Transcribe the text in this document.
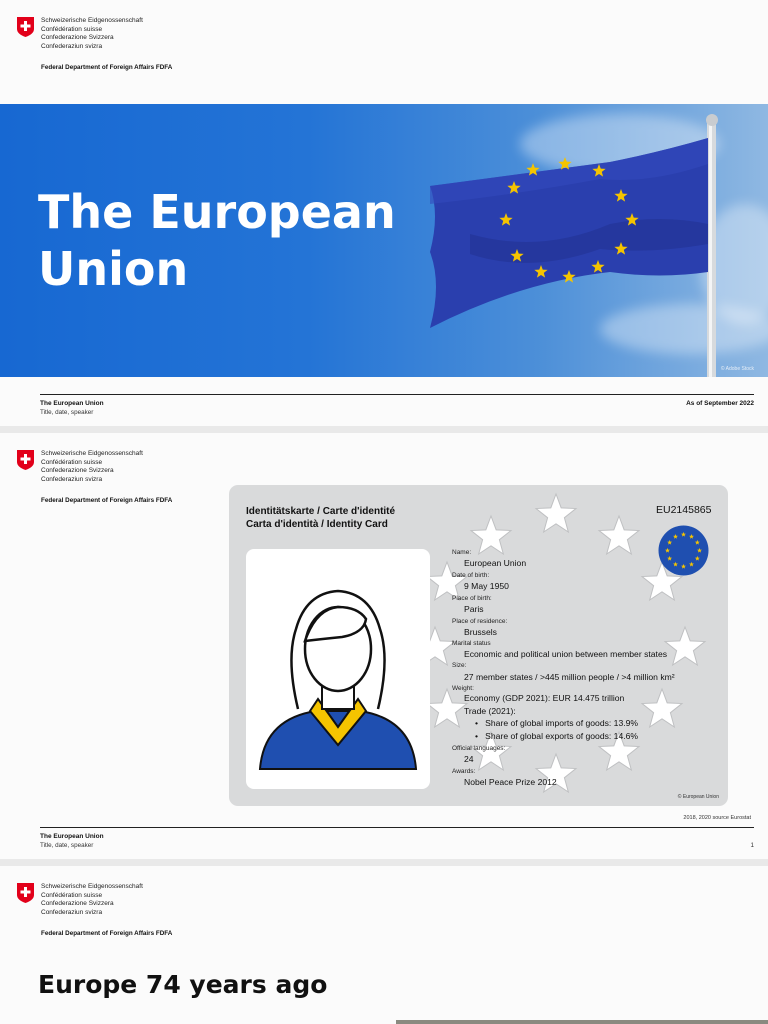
Schweizerische Eidgenossenschaft
Confédération suisse
Confederazione Svizzera
Confederaziun svizra
Federal Department of Foreign Affairs FDFA
The European
Union
© Adobe Stock
The European Union
Title, date, speaker
As of September 2022
Schweizerische Eidgenossenschaft
Confédération suisse
Confederazione Svizzera
Confederaziun svizra
Federal Department of Foreign Affairs FDFA
Identitätskarte / Carte d'identité
Carta d'identità / Identity Card
EU2145865
Name:
European Union
Date of birth:
9 May 1950
Place of birth:
Paris
Place of residence:
Brussels
Marital status
Economic and political union between member states
Size:
27 member states / >445 million people / >4 million km²
Weight:
Economy (GDP 2021): EUR 14.475 trillion
Trade (2021):
•   Share of global imports of goods: 13.9%
•   Share of global exports of goods: 14.6%
Official languages:
24
Awards:
Nobel Peace Prize 2012
© European Union
2018, 2020 source Eurostat
The European Union
Title, date, speaker	1
Schweizerische Eidgenossenschaft
Confédération suisse
Confederazione Svizzera
Confederaziun svizra
Federal Department of Foreign Affairs FDFA
Europe 74 years ago
